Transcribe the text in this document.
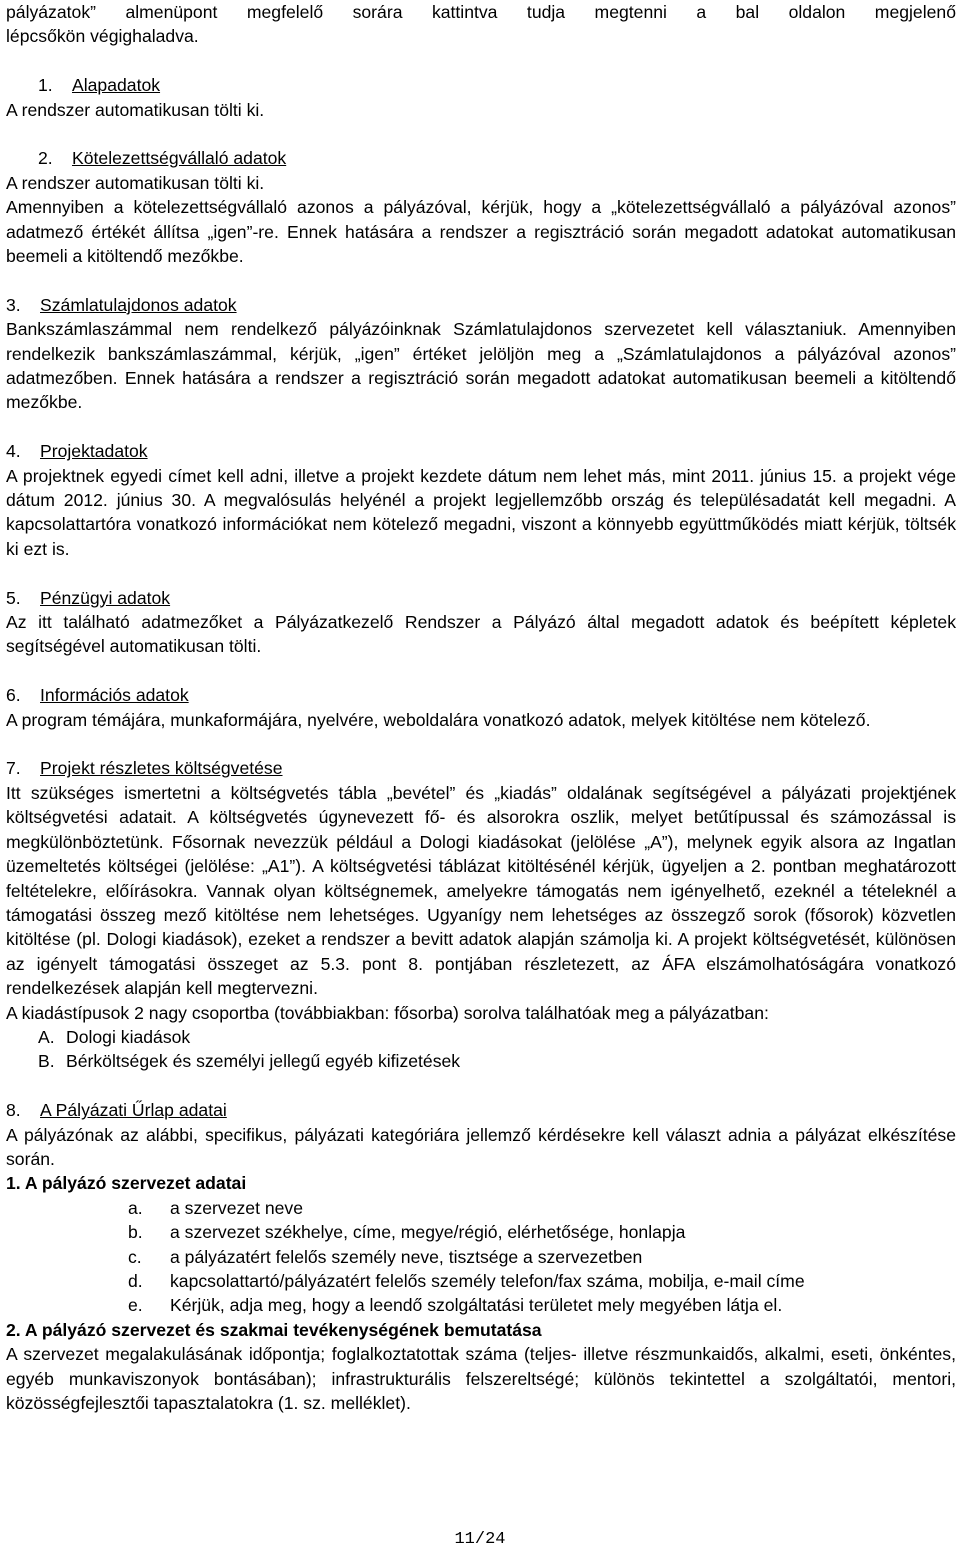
pályázatok” almenüpont megfelelő sorára kattintva tudja megtenni a bal oldalon megjelenő

lépcsőkön végighaladva.

1. Alapadatok

A rendszer automatikusan tölti ki.

2. Kötelezettségvállaló adatok

A rendszer automatikusan tölti ki.

Amennyiben a kötelezettségvállaló azonos a pályázóval, kérjük, hogy a „kötelezettségvállaló a pályázóval azonos” adatmező értékét állítsa „igen”-re. Ennek hatására a rendszer a regisztráció során megadott adatokat automatikusan beemeli a kitöltendő mezőkbe.

3. Számlatulajdonos adatok

Bankszámlaszámmal nem rendelkező pályázóinknak Számlatulajdonos szervezetet kell választaniuk. Amennyiben rendelkezik bankszámlaszámmal, kérjük, „igen” értéket jelöljön meg a „Számlatulajdonos a pályázóval azonos” adatmezőben. Ennek hatására a rendszer a regisztráció során megadott adatokat automatikusan beemeli a kitöltendő mezőkbe.

4. Projektadatok

A projektnek egyedi címet kell adni, illetve a projekt kezdete dátum nem lehet más, mint 2011. június 15. a projekt vége dátum 2012. június 30. A megvalósulás helyénél a projekt legjellemzőbb ország és településadatát kell megadni. A kapcsolattartóra vonatkozó információkat nem kötelező megadni, viszont a könnyebb együttműködés miatt kérjük, töltsék ki ezt is.

5. Pénzügyi adatok

Az itt található adatmezőket a Pályázatkezelő Rendszer a Pályázó által megadott adatok és beépített képletek segítségével automatikusan tölti.

6. Információs adatok

A program témájára, munkaformájára, nyelvére, weboldalára vonatkozó adatok, melyek kitöltése nem kötelező.

7. Projekt részletes költségvetése

Itt szükséges ismertetni a költségvetés tábla „bevétel” és „kiadás” oldalának segítségével a pályázati projektjének költségvetési adatait. A költségvetés úgynevezett fő- és alsorokra oszlik, melyet betűtípussal és számozással is megkülönböztetünk. Fősornak nevezzük például a Dologi kiadásokat (jelölése „A”), melynek egyik alsora az Ingatlan üzemeltetés költségei (jelölése: „A1”). A költségvetési táblázat kitöltésénél kérjük, ügyeljen a 2. pontban meghatározott feltételekre, előírásokra. Vannak olyan költségnemek, amelyekre támogatás nem igényelhető, ezeknél a tételeknél a támogatási összeg mező kitöltése nem lehetséges. Ugyanígy nem lehetséges az összegző sorok (fősorok) közvetlen kitöltése (pl. Dologi kiadások), ezeket a rendszer a bevitt adatok alapján számolja ki. A projekt költségvetését, különösen az igényelt támogatási összeget az 5.3. pont 8. pontjában részletezett, az ÁFA elszámolhatóságára vonatkozó rendelkezések alapján kell megtervezni.

A kiadástípusok 2 nagy csoportba (továbbiakban: fősorba) sorolva találhatóak meg a pályázatban:

A. Dologi kiadások

B. Bérköltségek és személyi jellegű egyéb kifizetések

8. A Pályázati Űrlap adatai

A pályázónak az alábbi, specifikus, pályázati kategóriára jellemző kérdésekre kell választ adnia a pályázat elkészítése során.

1. A pályázó szervezet adatai

a. a szervezet neve

b. a szervezet székhelye, címe, megye/régió, elérhetősége, honlapja

c. a pályázatért felelős személy neve, tisztsége a szervezetben

d. kapcsolattartó/pályázatért felelős személy telefon/fax száma, mobilja, e-mail címe

e. Kérjük, adja meg, hogy a leendő szolgáltatási területet mely megyében látja el.

2. A pályázó szervezet és szakmai tevékenységének bemutatása

A szervezet megalakulásának időpontja; foglalkoztatottak száma (teljes- illetve részmunkaidős, alkalmi, eseti, önkéntes, egyéb munkaviszonyok bontásában); infrastrukturális felszereltségé; különös tekintettel a szolgáltatói, mentori, közösségfejlesztői tapasztalatokra (1. sz. melléklet).

11/24
